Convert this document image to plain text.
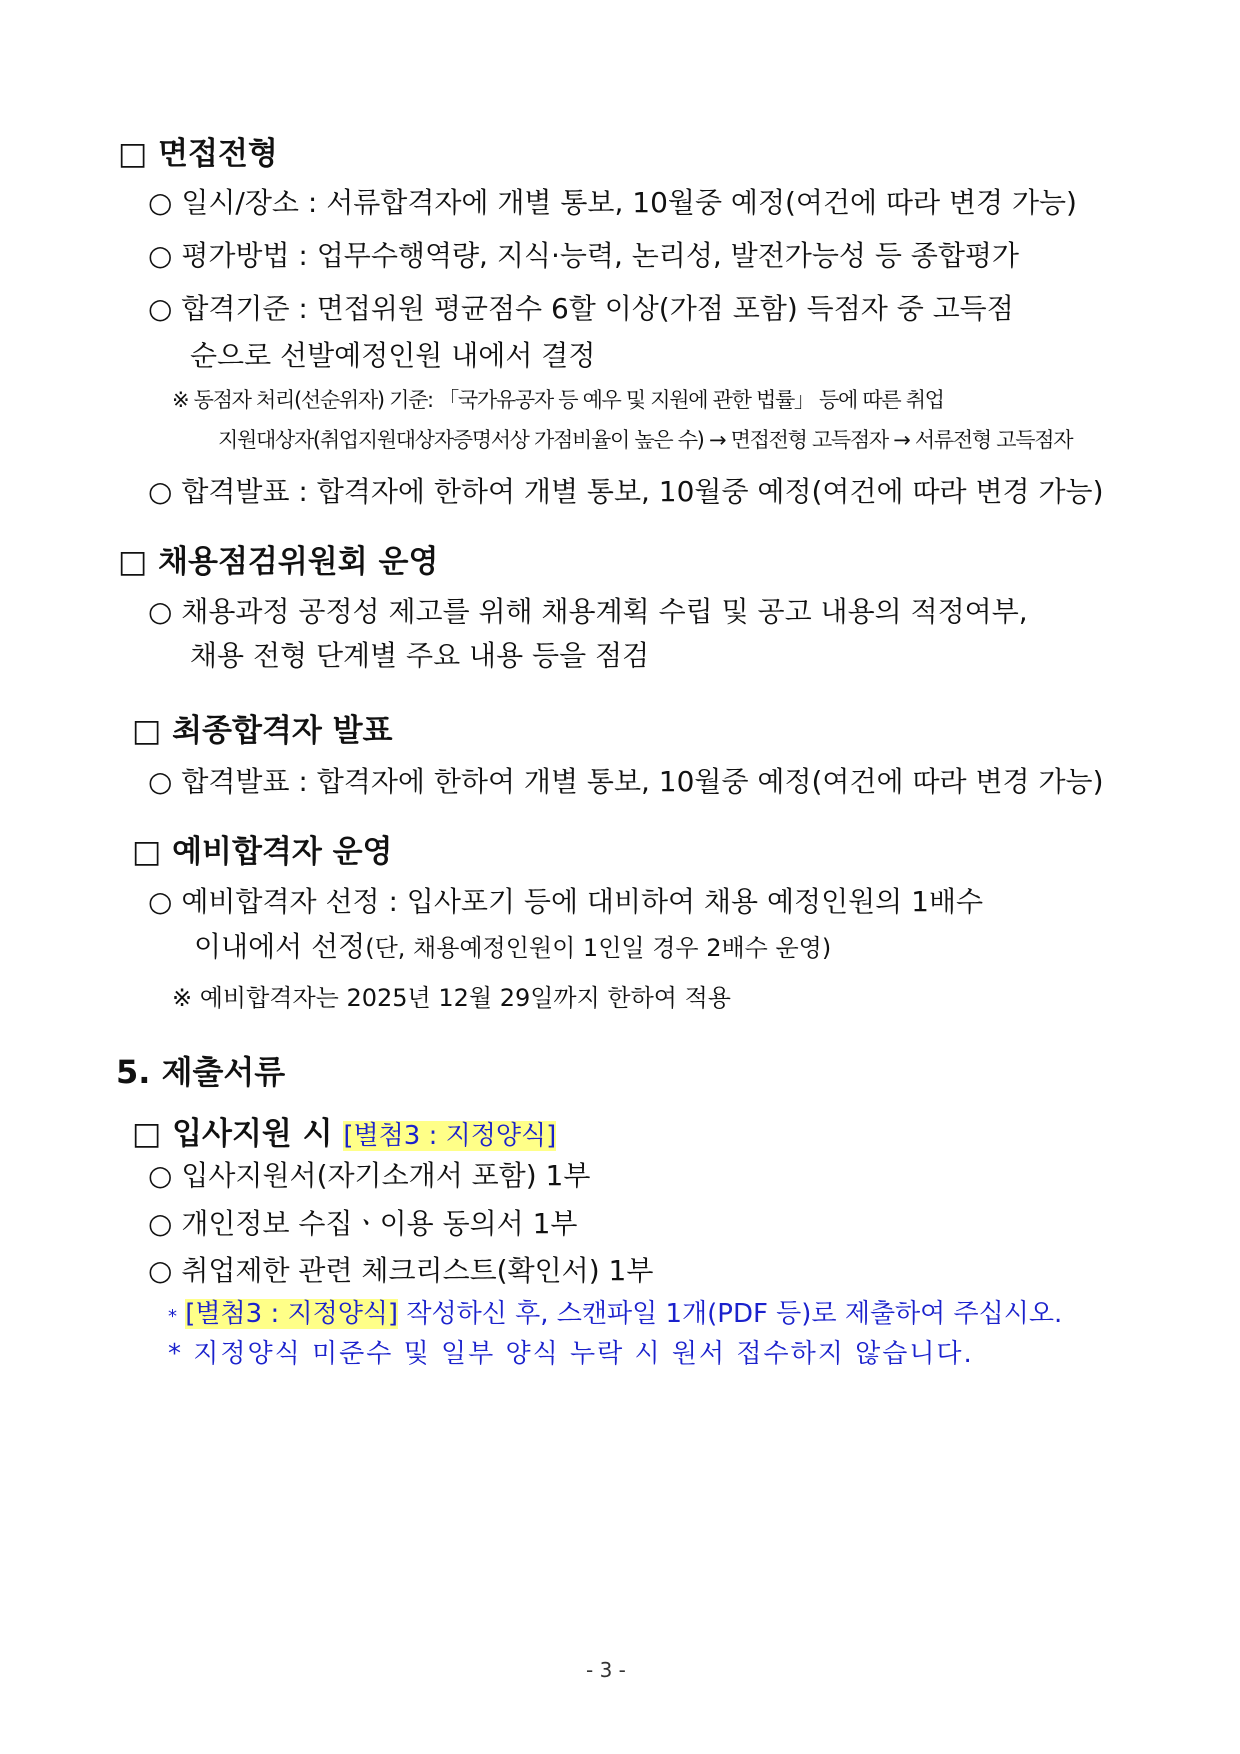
□ 면접전형
○ 일시/장소 : 서류합격자에 개별 통보, 10월중 예정(여건에 따라 변경 가능)
○ 평가방법 : 업무수행역량, 지식·능력, 논리성, 발전가능성 등 종합평가
○ 합격기준 : 면접위원 평균점수 6할 이상(가점 포함) 득점자 중 고득점
순으로 선발예정인원 내에서 결정
※ 동점자 처리(선순위자) 기준: 「국가유공자 등 예우 및 지원에 관한 법률」 등에 따른 취업
지원대상자(취업지원대상자증명서상 가점비율이 높은 수) → 면접전형 고득점자 → 서류전형 고득점자
○ 합격발표 : 합격자에 한하여 개별 통보, 10월중 예정(여건에 따라 변경 가능)
□ 채용점검위원회 운영
○ 채용과정 공정성 제고를 위해 채용계획 수립 및 공고 내용의 적정여부,
채용 전형 단계별 주요 내용 등을 점검
□ 최종합격자 발표
○ 합격발표 : 합격자에 한하여 개별 통보, 10월중 예정(여건에 따라 변경 가능)
□ 예비합격자 운영
○ 예비합격자 선정 : 입사포기 등에 대비하여 채용 예정인원의 1배수
이내에서 선정(단, 채용예정인원이 1인일 경우 2배수 운영)
※ 예비합격자는 2025년 12월 29일까지 한하여 적용
5. 제출서류
□ 입사지원 시 [별첨3 : 지정양식]
○ 입사지원서(자기소개서 포함) 1부
○ 개인정보 수집ㆍ이용 동의서 1부
○ 취업제한 관련 체크리스트(확인서) 1부
* [별첨3 : 지정양식] 작성하신 후, 스캔파일 1개(PDF 등)로 제출하여 주십시오.
* 지정양식 미준수 및 일부 양식 누락 시 원서 접수하지 않습니다.
- 3 -
